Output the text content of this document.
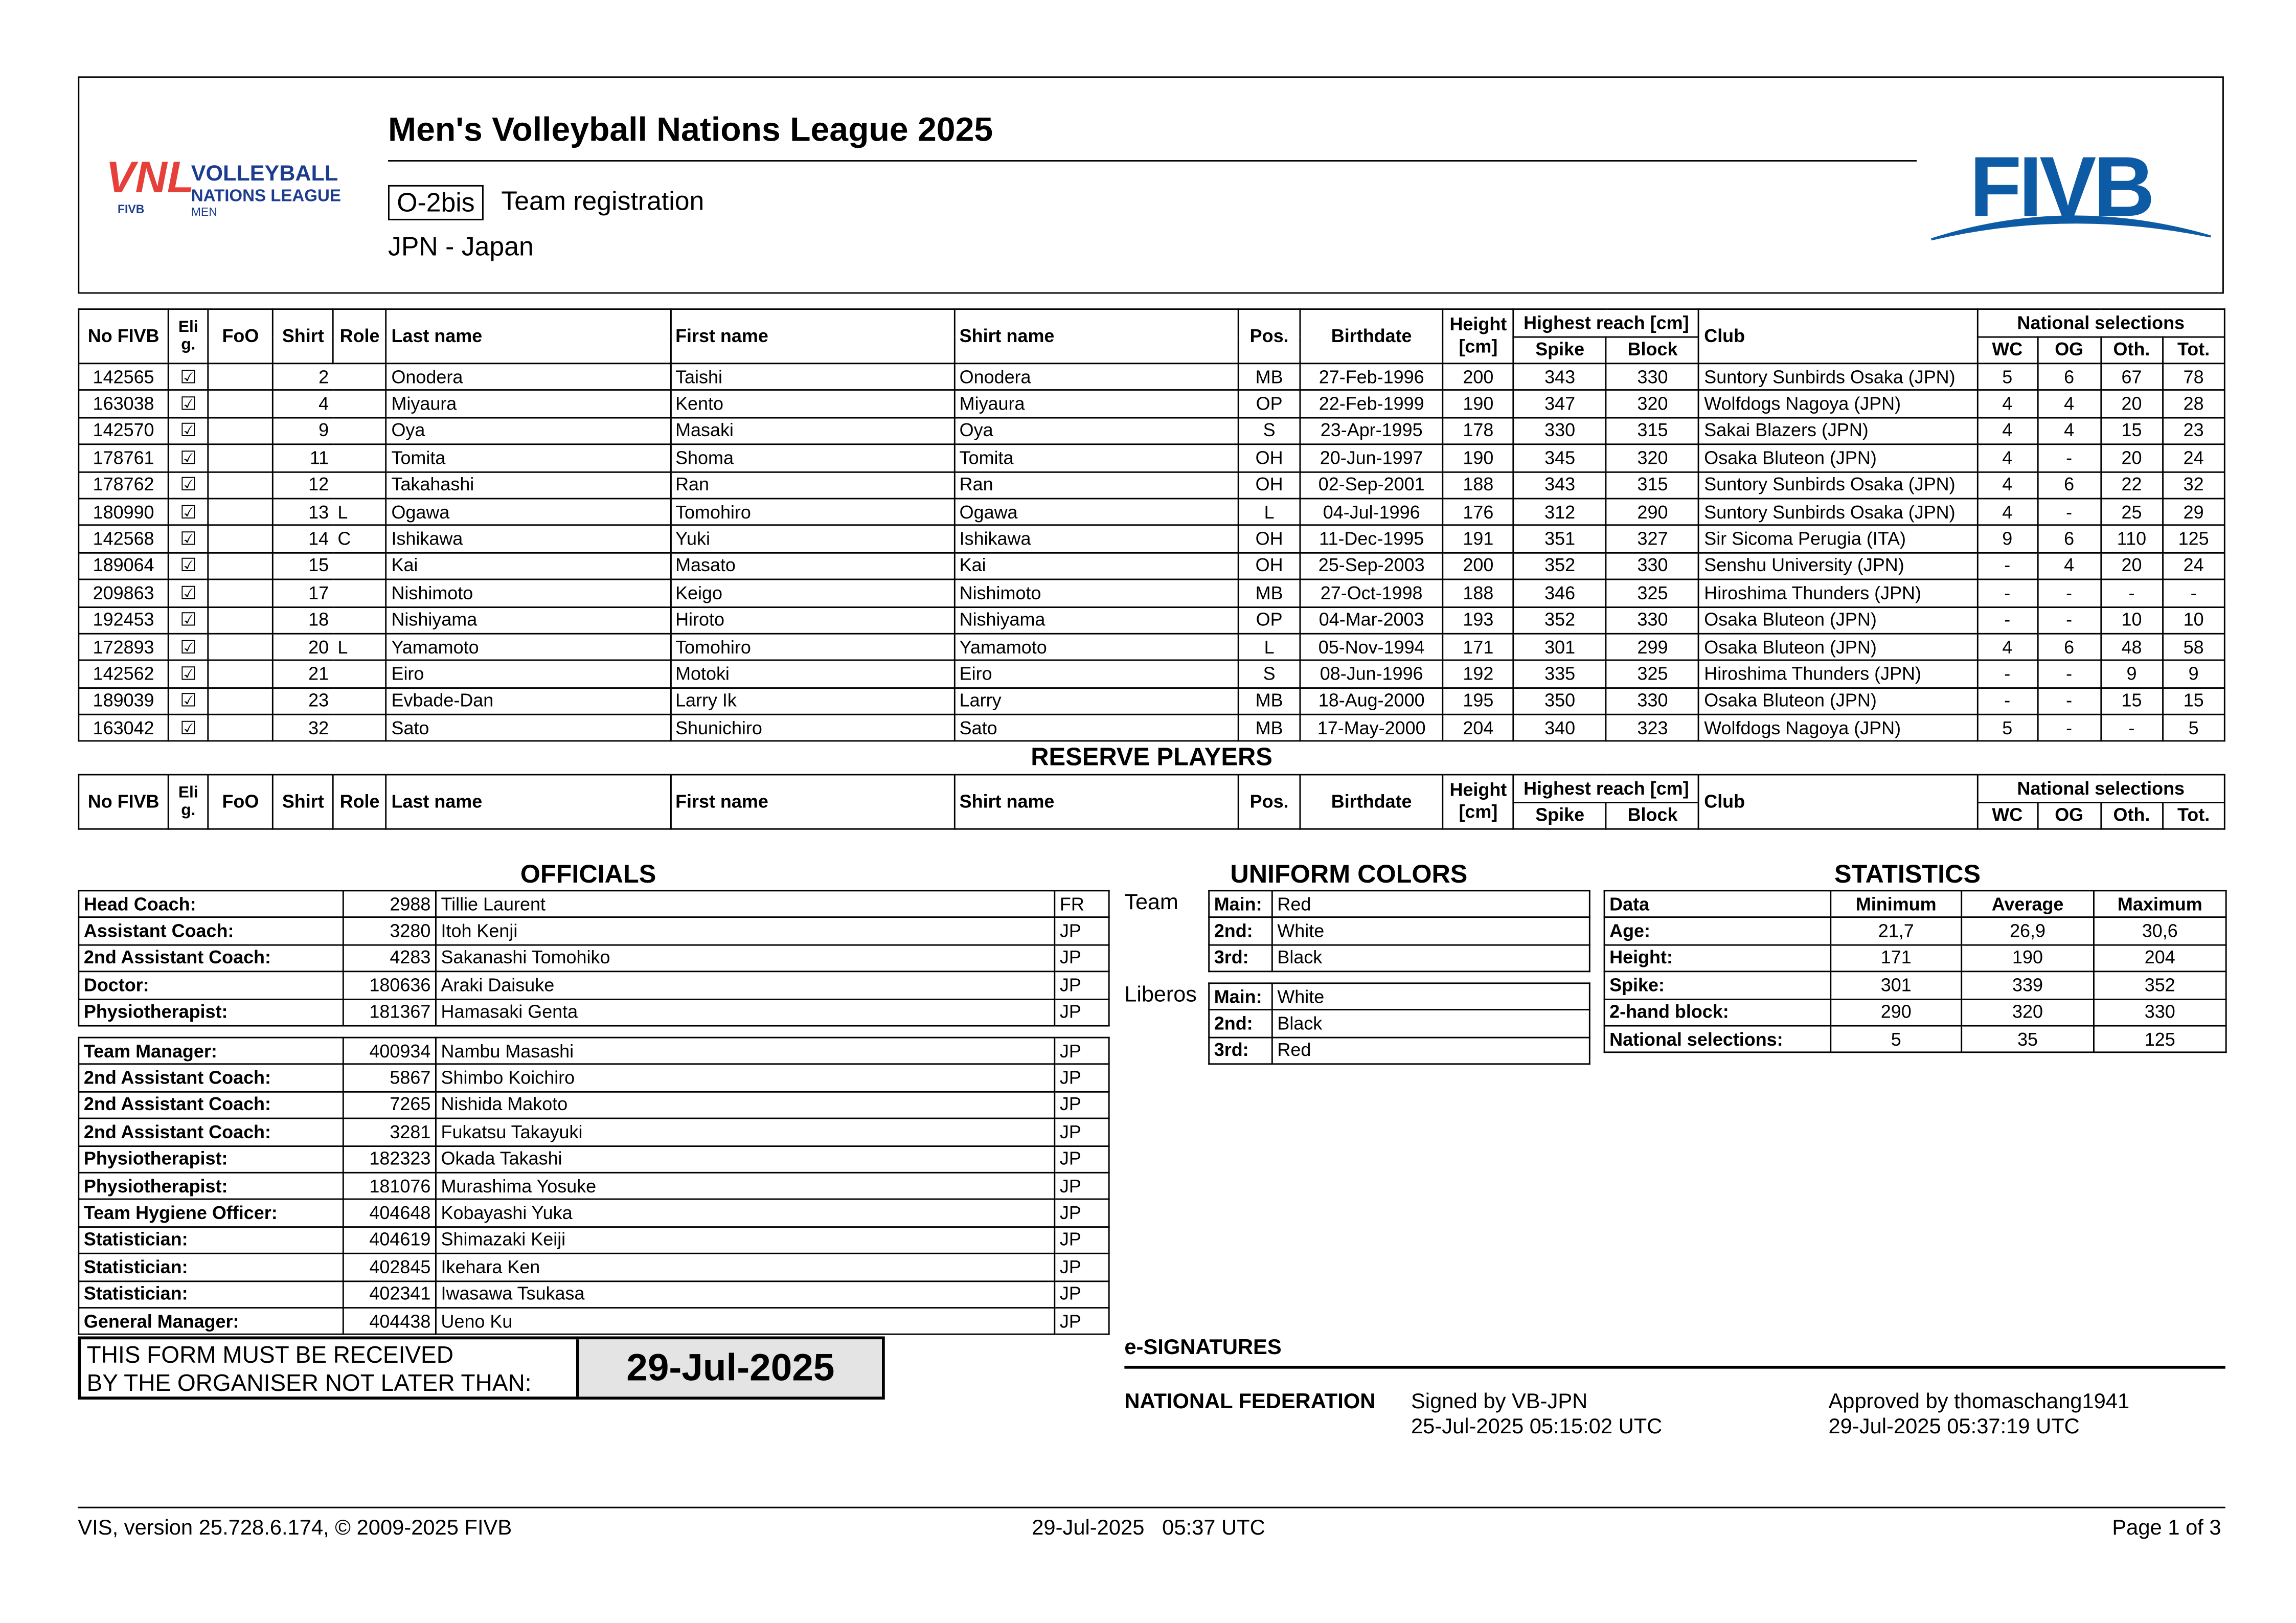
VNL
FIVB
VOLLEYBALL
NATIONS LEAGUE
MEN
Men's Volleyball Nations League 2025
O-2bis	Team registration
JPN - Japan
FIVB
No FIVB	Eli g.	FoO	Shirt	Role	Last name	First name	Shirt name	Pos.	Birthdate	Height [cm]	Highest reach [cm]		Club	National selections			
											Spike	Block		WC	OG	Oth.	Tot.
142565	☑		2		Onodera	Taishi	Onodera	MB	27-Feb-1996	200	343	330	Suntory Sunbirds Osaka (JPN)	5	6	67	78
163038	☑		4		Miyaura	Kento	Miyaura	OP	22-Feb-1999	190	347	320	Wolfdogs Nagoya (JPN)	4	4	20	28
142570	☑		9		Oya	Masaki	Oya	S	23-Apr-1995	178	330	315	Sakai Blazers (JPN)	4	4	15	23
178761	☑		11		Tomita	Shoma	Tomita	OH	20-Jun-1997	190	345	320	Osaka Bluteon (JPN)	4	-	20	24
178762	☑		12		Takahashi	Ran	Ran	OH	02-Sep-2001	188	343	315	Suntory Sunbirds Osaka (JPN)	4	6	22	32
180990	☑		13	L	Ogawa	Tomohiro	Ogawa	L	04-Jul-1996	176	312	290	Suntory Sunbirds Osaka (JPN)	4	-	25	29
142568	☑		14	C	Ishikawa	Yuki	Ishikawa	OH	11-Dec-1995	191	351	327	Sir Sicoma Perugia (ITA)	9	6	110	125
189064	☑		15		Kai	Masato	Kai	OH	25-Sep-2003	200	352	330	Senshu University (JPN)	-	4	20	24
209863	☑		17		Nishimoto	Keigo	Nishimoto	MB	27-Oct-1998	188	346	325	Hiroshima Thunders (JPN)	-	-	-	-
192453	☑		18		Nishiyama	Hiroto	Nishiyama	OP	04-Mar-2003	193	352	330	Osaka Bluteon (JPN)	-	-	10	10
172893	☑		20	L	Yamamoto	Tomohiro	Yamamoto	L	05-Nov-1994	171	301	299	Osaka Bluteon (JPN)	4	6	48	58
142562	☑		21		Eiro	Motoki	Eiro	S	08-Jun-1996	192	335	325	Hiroshima Thunders (JPN)	-	-	9	9
189039	☑		23		Evbade-Dan	Larry Ik	Larry	MB	18-Aug-2000	195	350	330	Osaka Bluteon (JPN)	-	-	15	15
163042	☑		32		Sato	Shunichiro	Sato	MB	17-May-2000	204	340	323	Wolfdogs Nagoya (JPN)	5	-	-	5
RESERVE PLAYERS
No FIVB	Eli g.	FoO	Shirt	Role	Last name	First name	Shirt name	Pos.	Birthdate	Height [cm]	Highest reach [cm]		Club	National selections			
											Spike	Block		WC	OG	Oth.	Tot.
OFFICIALS
Head Coach:	2988	Tillie Laurent	FR
Assistant Coach:	3280	Itoh Kenji	JP
2nd Assistant Coach:	4283	Sakanashi Tomohiko	JP
Doctor:	180636	Araki Daisuke	JP
Physiotherapist:	181367	Hamasaki Genta	JP
Team Manager:	400934	Nambu Masashi	JP
2nd Assistant Coach:	5867	Shimbo Koichiro	JP
2nd Assistant Coach:	7265	Nishida Makoto	JP
2nd Assistant Coach:	3281	Fukatsu Takayuki	JP
Physiotherapist:	182323	Okada Takashi	JP
Physiotherapist:	181076	Murashima Yosuke	JP
Team Hygiene Officer:	404648	Kobayashi Yuka	JP
Statistician:	404619	Shimazaki Keiji	JP
Statistician:	402845	Ikehara Ken	JP
Statistician:	402341	Iwasawa Tsukasa	JP
General Manager:	404438	Ueno Ku	JP
THIS FORM MUST BE RECEIVED
BY THE ORGANISER NOT LATER THAN:	29-Jul-2025
UNIFORM COLORS
Team	Main:	Red
2nd:	White
3rd:	Black
Liberos	Main:	White
2nd:	Black
3rd:	Red
STATISTICS
Data	Minimum	Average	Maximum
Age:	21,7	26,9	30,6
Height:	171	190	204
Spike:	301	339	352
2-hand block:	290	320	330
National selections:	5	35	125
e-SIGNATURES
NATIONAL FEDERATION	Signed by VB-JPN
25-Jul-2025 05:15:02 UTC
Approved by thomaschang1941
29-Jul-2025 05:37:19 UTC
VIS, version 25.728.6.174, © 2009-2025 FIVB	29-Jul-2025   05:37 UTC	Page 1 of 3
